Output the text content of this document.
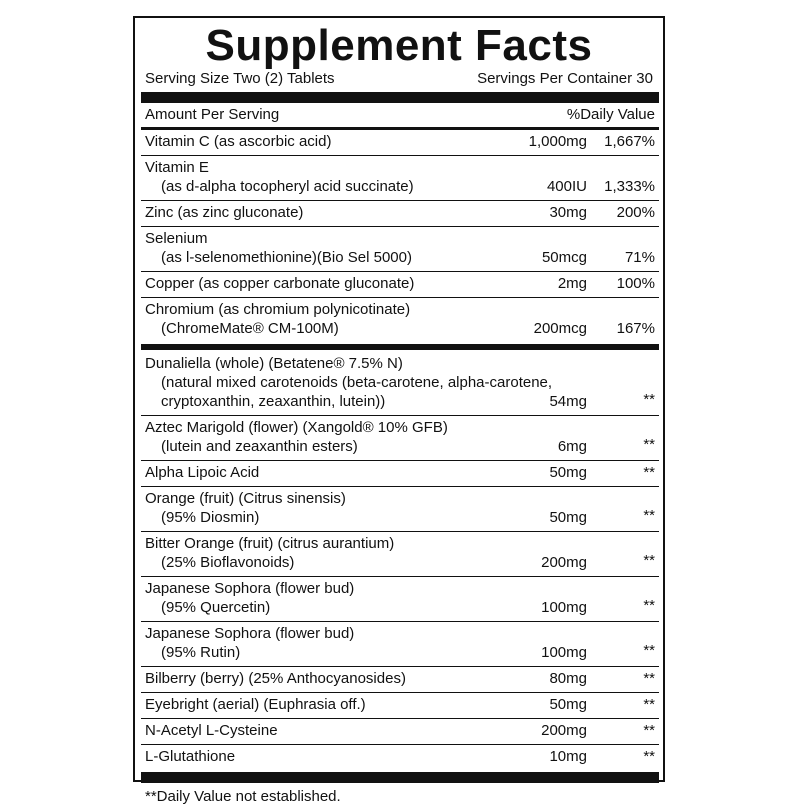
Supplement Facts
Serving Size Two (2) Tablets	Servings Per Container 30
Amount Per Serving	%Daily Value
Vitamin C (as ascorbic acid)	1,000mg 1,667%
Vitamin E
(as d-alpha tocopheryl acid succinate)	400IU 1,333%
Zinc (as zinc gluconate)	30mg 200%
Selenium
(as l-selenomethionine)(Bio Sel 5000)	50mcg	71%
Copper (as copper carbonate gluconate)	2mg 100%
Chromium (as chromium polynicotinate)
(ChromeMate® CM-100M)	200mcg 167%
Dunaliella (whole) (Betatene® 7.5% N)
(natural mixed carotenoids (beta-carotene, alpha-carotene,
cryptoxanthin, zeaxanthin, lutein))	54mg	**
Aztec Marigold (flower) (Xangold® 10% GFB)
(lutein and zeaxanthin esters)	6mg	**
Alpha Lipoic Acid	50mg	**
Orange (fruit) (Citrus sinensis)
(95% Diosmin)	50mg	**
Bitter Orange (fruit) (citrus aurantium)
(25% Bioflavonoids)	200mg	**
Japanese Sophora (flower bud)
(95% Quercetin)	100mg	**
Japanese Sophora (flower bud)
(95% Rutin)	100mg	**
Bilberry (berry) (25% Anthocyanosides)	80mg	**
Eyebright (aerial) (Euphrasia off.)	50mg	**
N-Acetyl L-Cysteine	200mg	**
L-Glutathione	10mg	**
**Daily Value not established.
